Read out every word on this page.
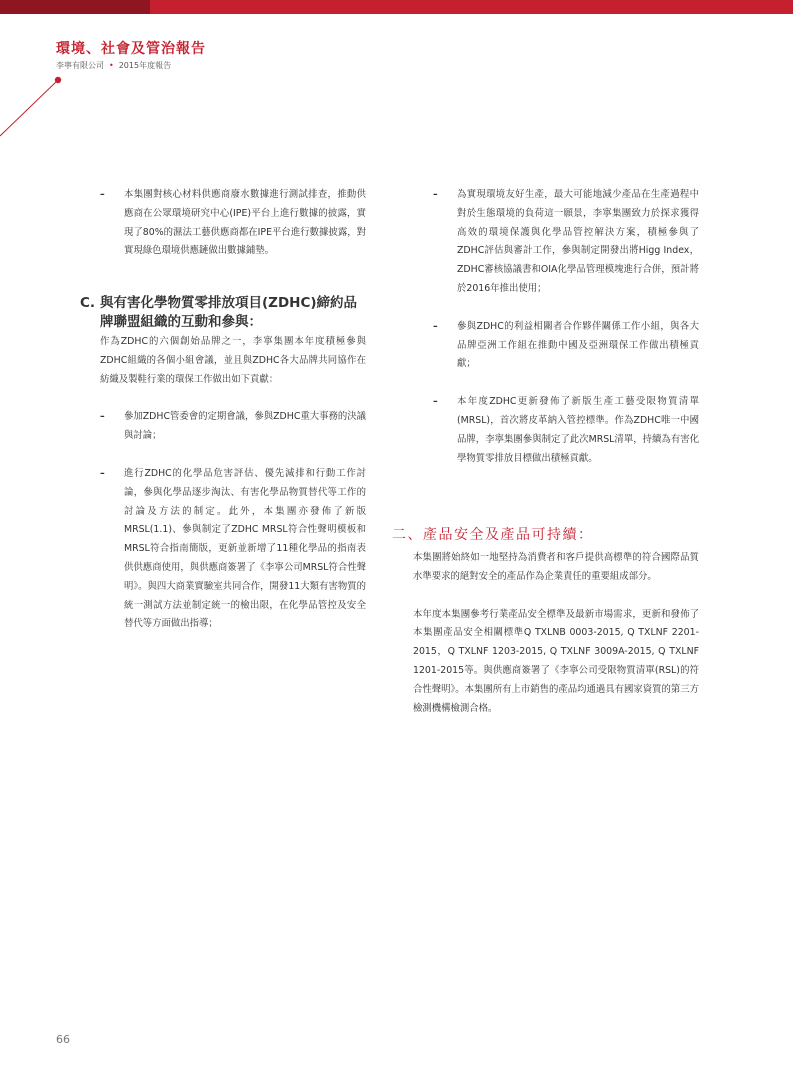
環境、社會及管治報告
李寧有限公司 • 2015年度報告
– 本集團對核心材料供應商廢水數據進行測試排查，推動供應商在公眾環境研究中心(IPE)平台上進行數據的披露，實現了80%的濕法工藝供應商都在IPE平台進行數據披露，對實現綠色環境供應鏈做出數據鋪墊。
C. 與有害化學物質零排放項目(ZDHC)締約品牌聯盟組織的互動和參與：
作為ZDHC的六個創始品牌之一，李寧集團本年度積極參與ZDHC組織的各個小組會議，並且與ZDHC各大品牌共同協作在紡織及製鞋行業的環保工作做出如下貢獻：
– 參加ZDHC管委會的定期會議，參與ZDHC重大事務的決議與討論；
– 進行ZDHC的化學品危害評估、優先減排和行動工作討論，參與化學品逐步淘汰、有害化學品物質替代等工作的討論及方法的制定。此外，本集團亦發佈了新版MRSL(1.1)、參與制定了ZDHC MRSL符合性聲明模板和MRSL符合指南簡版，更新並新增了11種化學品的指南表供供應商使用，與供應商簽署了《李寧公司MRSL符合性聲明》。與四大商業實驗室共同合作，開發11大類有害物質的統一測試方法並制定統一的檢出限，在化學品管控及安全替代等方面做出指導；
– 為實現環境友好生產，最大可能地減少產品在生產過程中對於生態環境的負荷這一願景，李寧集團致力於探求獲得高效的環境保護與化學品管控解決方案，積極參與了ZDHC評估與審計工作，參與制定開發出將Higg Index，ZDHC審核協議書和OIA化學品管理模塊進行合併，預計將於2016年推出使用；
– 參與ZDHC的利益相關者合作夥伴關係工作小組，與各大品牌亞洲工作組在推動中國及亞洲環保工作做出積極貢獻；
– 本年度ZDHC更新發佈了新版生產工藝受限物質清單(MRSL)，首次將皮革納入管控標準。作為ZDHC唯一中國品牌，李寧集團參與制定了此次MRSL清單，持續為有害化學物質零排放目標做出積極貢獻。
二、產品安全及產品可持續：
本集團將始終如一地堅持為消費者和客戶提供高標準的符合國際品質水準要求的絕對安全的產品作為企業責任的重要組成部分。
本年度本集團參考行業產品安全標準及最新市場需求，更新和發佈了本集團產品安全相關標準Q TXLNB 0003-2015, Q TXLNF 2201-2015，Q TXLNF 1203-2015, Q TXLNF 3009A-2015, Q TXLNF 1201-2015等。與供應商簽署了《李寧公司受限物質清單(RSL)的符合性聲明》。本集團所有上市銷售的產品均通過具有國家資質的第三方檢測機構檢測合格。
66
